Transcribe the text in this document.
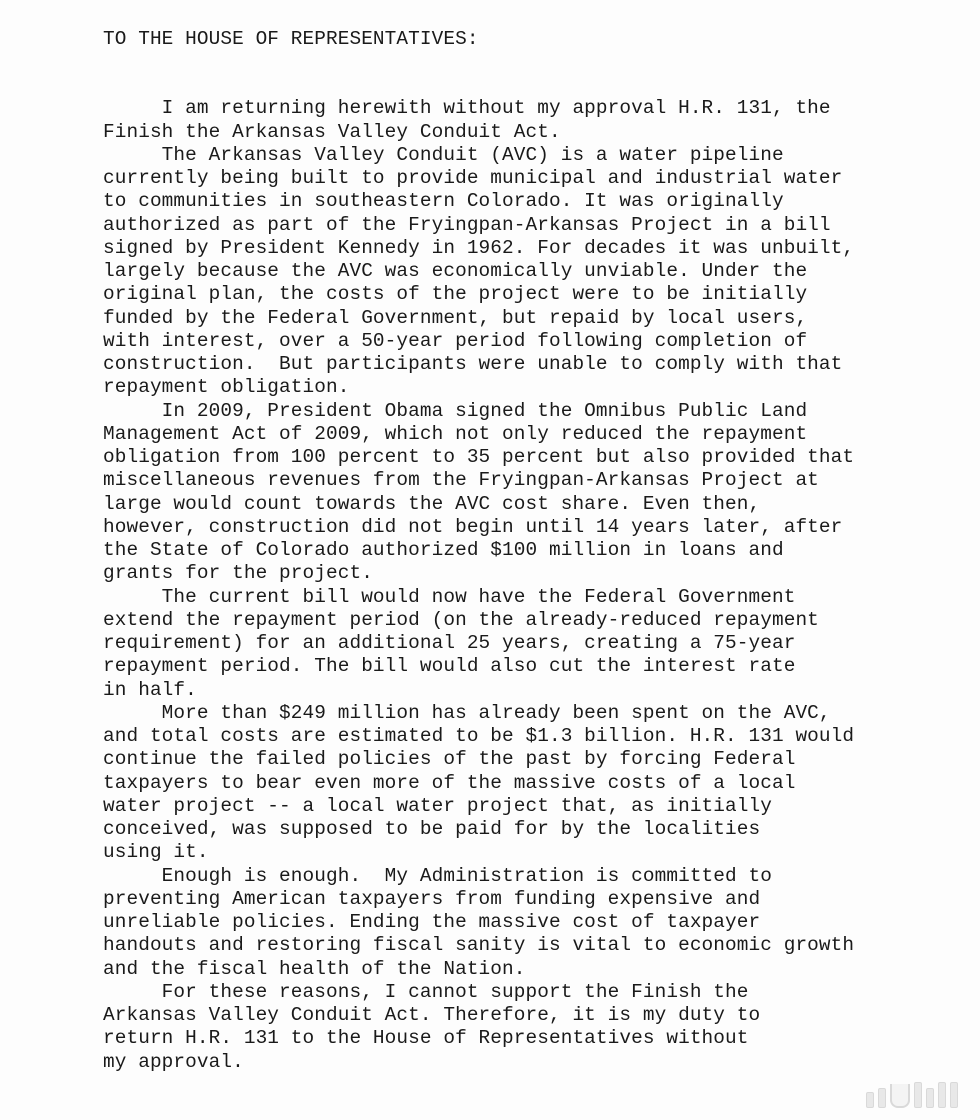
TO THE HOUSE OF REPRESENTATIVES:
I am returning herewith without my approval H.R. 131, the
Finish the Arkansas Valley Conduit Act.
The Arkansas Valley Conduit (AVC) is a water pipeline
currently being built to provide municipal and industrial water
to communities in southeastern Colorado. It was originally
authorized as part of the Fryingpan-Arkansas Project in a bill
signed by President Kennedy in 1962. For decades it was unbuilt,
largely because the AVC was economically unviable. Under the
original plan, the costs of the project were to be initially
funded by the Federal Government, but repaid by local users,
with interest, over a 50-year period following completion of
construction.  But participants were unable to comply with that
repayment obligation.
In 2009, President Obama signed the Omnibus Public Land
Management Act of 2009, which not only reduced the repayment
obligation from 100 percent to 35 percent but also provided that
miscellaneous revenues from the Fryingpan-Arkansas Project at
large would count towards the AVC cost share. Even then,
however, construction did not begin until 14 years later, after
the State of Colorado authorized $100 million in loans and
grants for the project.
The current bill would now have the Federal Government
extend the repayment period (on the already-reduced repayment
requirement) for an additional 25 years, creating a 75-year
repayment period. The bill would also cut the interest rate
in half.
More than $249 million has already been spent on the AVC,
and total costs are estimated to be $1.3 billion. H.R. 131 would
continue the failed policies of the past by forcing Federal
taxpayers to bear even more of the massive costs of a local
water project -- a local water project that, as initially
conceived, was supposed to be paid for by the localities
using it.
Enough is enough.  My Administration is committed to
preventing American taxpayers from funding expensive and
unreliable policies. Ending the massive cost of taxpayer
handouts and restoring fiscal sanity is vital to economic growth
and the fiscal health of the Nation.
For these reasons, I cannot support the Finish the
Arkansas Valley Conduit Act. Therefore, it is my duty to
return H.R. 131 to the House of Representatives without
my approval.
